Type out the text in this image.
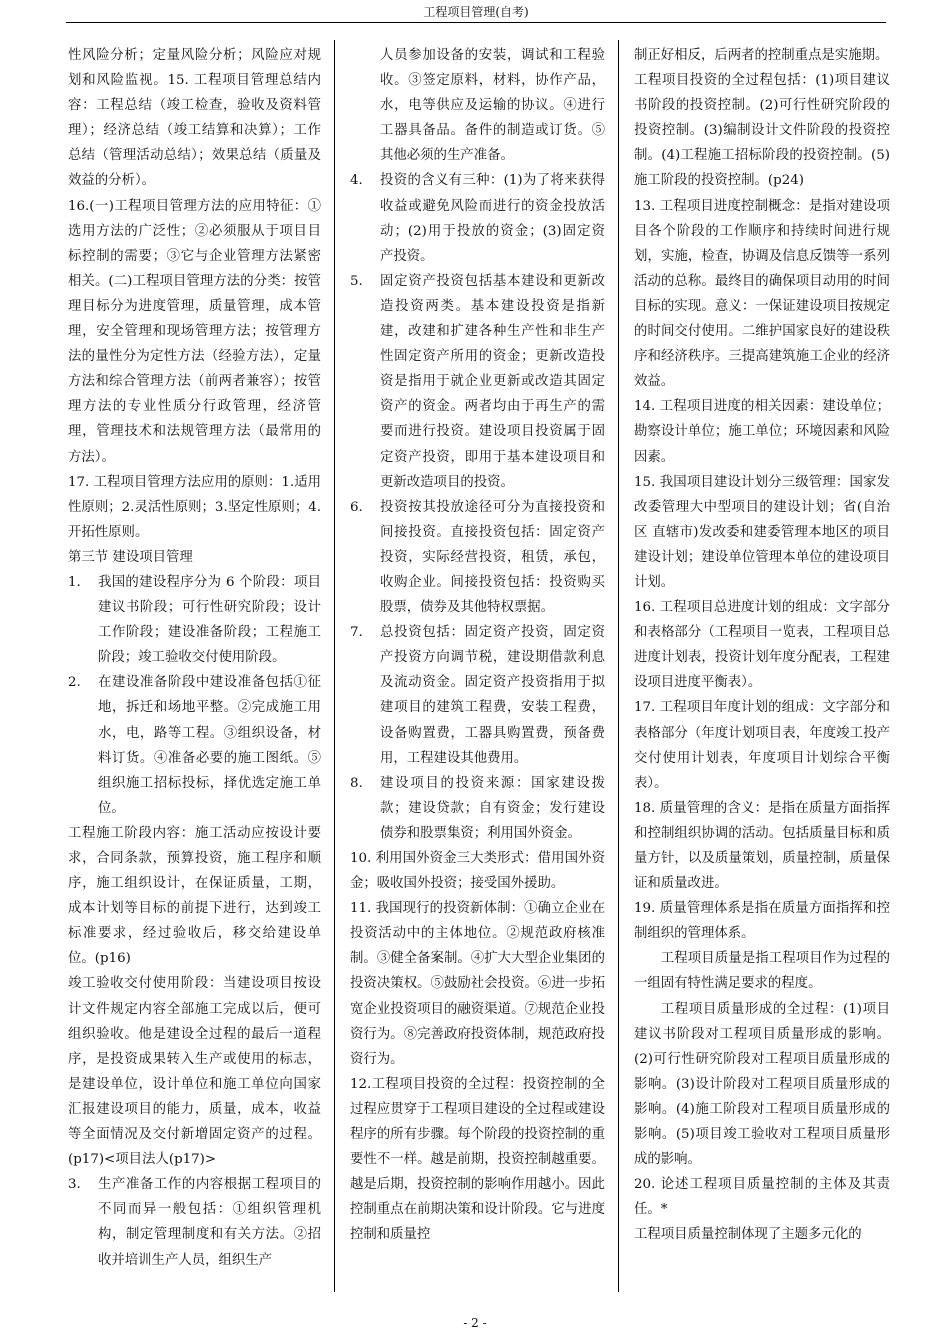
工程项目管理(自考)

性风险分析；定量风险分析；风险应对规划和风险监视。15. 工程项目管理总结内容：工程总结（竣工检查，验收及资料管理）；经济总结（竣工结算和决算）；工作总结（管理活动总结）；效果总结（质量及效益的分析）。

16.(一)工程项目管理方法的应用特征：①选用方法的广泛性；②必须服从于项目目标控制的需要；③它与企业管理方法紧密相关。(二)工程项目管理方法的分类：按管理目标分为进度管理，质量管理，成本管理，安全管理和现场管理方法；按管理方法的量性分为定性方法（经验方法），定量方法和综合管理方法（前两者兼容）；按管理方法的专业性质分行政管理，经济管理，管理技术和法规管理方法（最常用的方法）。

17. 工程项目管理方法应用的原则：1.适用性原则；2.灵活性原则；3.坚定性原则；4.开拓性原则。

第三节 建设项目管理

1.	我国的建设程序分为 6 个阶段：项目建议书阶段；可行性研究阶段；设计工作阶段；建设准备阶段；工程施工阶段；竣工验收交付使用阶段。
2.	在建设准备阶段中建设准备包括①征地，拆迁和场地平整。②完成施工用水，电，路等工程。③组织设备，材料订货。④准备必要的施工图纸。⑤组织施工招标投标，择优选定施工单位。

工程施工阶段内容：施工活动应按设计要求，合同条款，预算投资，施工程序和顺序，施工组织设计，在保证质量，工期，成本计划等目标的前提下进行，达到竣工标准要求，经过验收后，移交给建设单位。(p16)

竣工验收交付使用阶段：当建设项目按设计文件规定内容全部施工完成以后，便可组织验收。他是建设全过程的最后一道程序，是投资成果转入生产或使用的标志，是建设单位，设计单位和施工单位向国家汇报建设项目的能力，质量，成本，收益等全面情况及交付新增固定资产的过程。(p17)<项目法人(p17)>

3.	生产准备工作的内容根据工程项目的不同而异一般包括：①组织管理机构，制定管理制度和有关方法。②招收并培训生产人员，组织生产
人员参加设备的安装，调试和工程验收。③签定原料，材料，协作产品，水，电等供应及运输的协议。④进行工器具备品。备件的制造或订货。⑤其他必须的生产准备。
4.	投资的含义有三种：(1)为了将来获得收益或避免风险而进行的资金投放活动；(2)用于投放的资金；(3)固定资产投资。
5.	固定资产投资包括基本建设和更新改造投资两类。基本建设投资是指新建，改建和扩建各种生产性和非生产性固定资产所用的资金；更新改造投资是指用于就企业更新或改造其固定资产的资金。两者均由于再生产的需要而进行投资。建设项目投资属于固定资产投资，即用于基本建设项目和更新改造项目的投资。
6.	投资按其投放途径可分为直接投资和间接投资。直接投资包括：固定资产投资，实际经营投资，租赁，承包，收购企业。间接投资包括：投资购买股票，债券及其他特权票据。
7.	总投资包括：固定资产投资，固定资产投资方向调节税，建设期借款利息及流动资金。固定资产投资指用于拟建项目的建筑工程费，安装工程费，设备购置费，工器具购置费，预备费用，工程建设其他费用。
8.	建设项目的投资来源：国家建设拨款；建设贷款；自有资金；发行建设债券和股票集资；利用国外资金。

10. 利用国外资金三大类形式：借用国外资金；吸收国外投资；接受国外援助。

11. 我国现行的投资新体制：①确立企业在投资活动中的主体地位。②规范政府核准制。③健全备案制。④扩大大型企业集团的投资决策权。⑤鼓励社会投资。⑥进一步拓宽企业投资项目的融资渠道。⑦规范企业投资行为。⑧完善政府投资体制，规范政府投资行为。

12.工程项目投资的全过程：投资控制的全过程应贯穿于工程项目建设的全过程或建设程序的所有步骤。每个阶段的投资控制的重要性不一样。越是前期，投资控制越重要。越是后期，投资控制的影响作用越小。因此控制重点在前期决策和设计阶段。它与进度控制和质量控

制正好相反，后两者的控制重点是实施期。

工程项目投资的全过程包括：(1)项目建议书阶段的投资控制。(2)可行性研究阶段的投资控制。(3)编制设计文件阶段的投资控制。(4)工程施工招标阶段的投资控制。(5)施工阶段的投资控制。(p24)

13. 工程项目进度控制概念：是指对建设项目各个阶段的工作顺序和持续时间进行规划，实施，检查，协调及信息反馈等一系列活动的总称。最终目的确保项目动用的时间目标的实现。意义：一保证建设项目按规定的时间交付使用。二维护国家良好的建设秩序和经济秩序。三提高建筑施工企业的经济效益。

14. 工程项目进度的相关因素：建设单位；勘察设计单位；施工单位；环境因素和风险因素。

15. 我国项目建设计划分三级管理：国家发改委管理大中型项目的建设计划；省(自治区 直辖市)发改委和建委管理本地区的项目建设计划；建设单位管理本单位的建设项目计划。

16. 工程项目总进度计划的组成：文字部分和表格部分（工程项目一览表，工程项目总进度计划表，投资计划年度分配表，工程建设项目进度平衡表）。

17. 工程项目年度计划的组成：文字部分和表格部分（年度计划项目表，年度竣工投产交付使用计划表，年度项目计划综合平衡表）。

18. 质量管理的含义：是指在质量方面指挥和控制组织协调的活动。包括质量目标和质量方针，以及质量策划，质量控制，质量保证和质量改进。

19. 质量管理体系是指在质量方面指挥和控制组织的管理体系。

工程项目质量是指工程项目作为过程的一组固有特性满足要求的程度。

工程项目质量形成的全过程：(1)项目建议书阶段对工程项目质量形成的影响。(2)可行性研究阶段对工程项目质量形成的影响。(3)设计阶段对工程项目质量形成的影响。(4)施工阶段对工程项目质量形成的影响。(5)项目竣工验收对工程项目质量形成的影响。

20. 论述工程项目质量控制的主体及其责任。*

工程项目质量控制体现了主题多元化的

- 2 -
